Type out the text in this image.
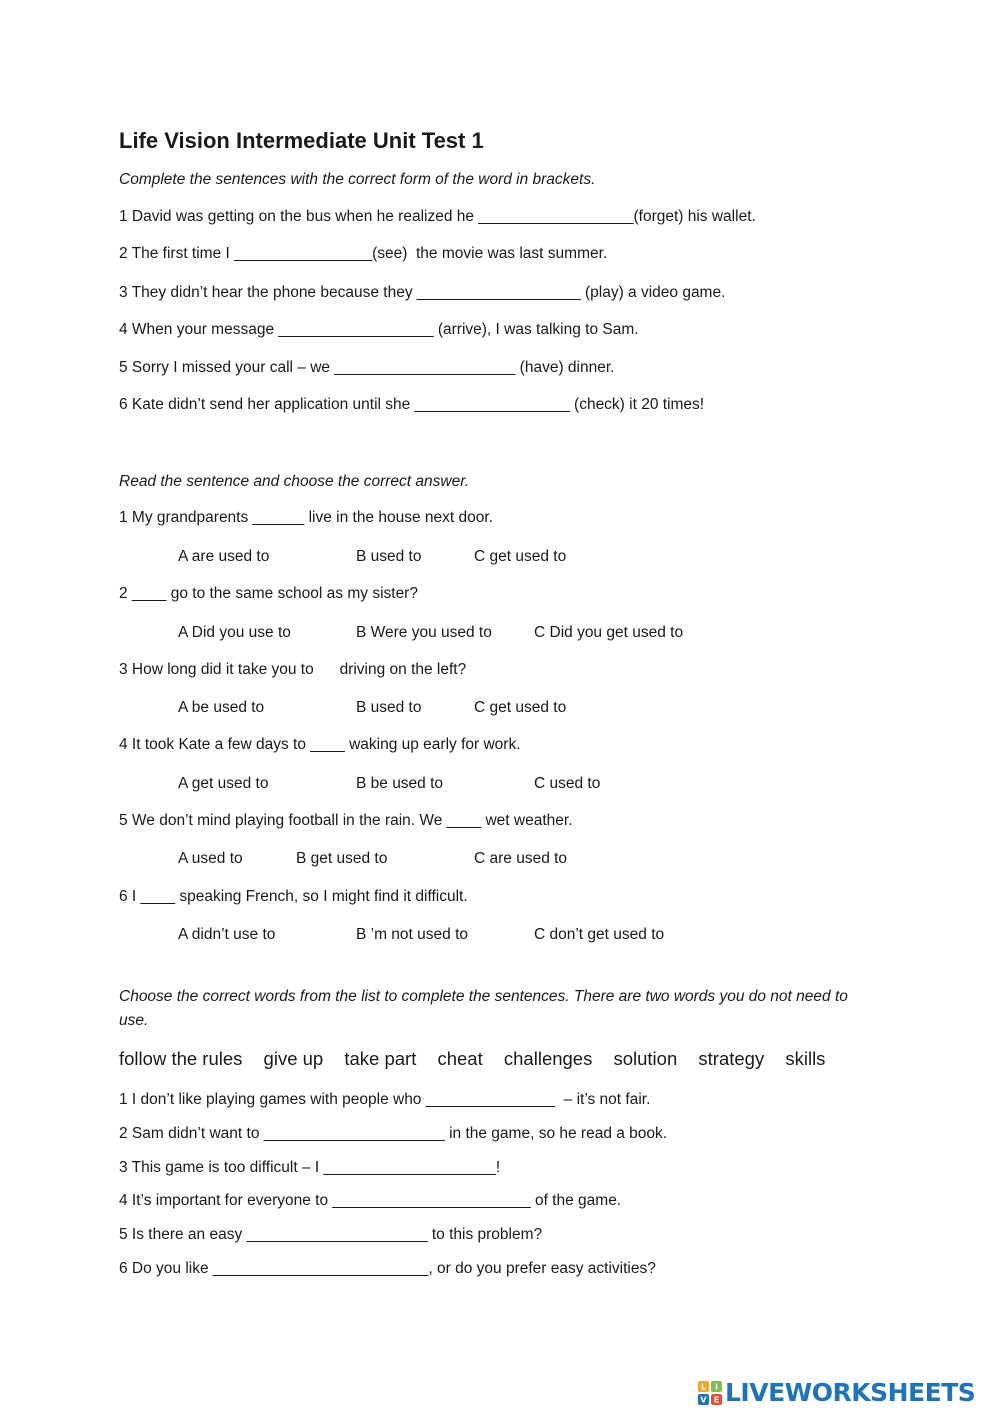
Life Vision Intermediate Unit Test 1

Complete the sentences with the correct form of the word in brackets.

1 David was getting on the bus when he realized he __________________(forget) his wallet.

2 The first time I ________________(see)  the movie was last summer.

3 They didn’t hear the phone because they ___________________ (play) a video game.

4 When your message __________________ (arrive), I was talking to Sam.

5 Sorry I missed your call – we _____________________ (have) dinner.

6 Kate didn’t send her application until she __________________ (check) it 20 times!

Read the sentence and choose the correct answer.

1 My grandparents ______ live in the house next door.

A are used to	B used to	C get used to

2 ____ go to the same school as my sister?

A Did you use to	B Were you used to	C Did you get used to

3 How long did it take you to      driving on the left?

A be used to	B used to	C get used to

4 It took Kate a few days to ____ waking up early for work.

A get used to	B be used to	C used to

5 We don’t mind playing football in the rain. We ____ wet weather.

A used to	B get used to	C are used to

6 I ____ speaking French, so I might find it difficult.

A didn’t use to	B ’m not used to	C don’t get used to

Choose the correct words from the list to complete the sentences. There are two words you do not need to use.

follow the rules give up take part cheat challenges solution strategy skills

1 I don’t like playing games with people who _______________  – it’s not fair.

2 Sam didn’t want to _____________________ in the game, so he read a book.

3 This game is too difficult – I ____________________!

4 It’s important for everyone to _______________________ of the game.

5 Is there an easy _____________________ to this problem?

6 Do you like _________________________, or do you prefer easy activities?

L I
V E LIVEWORKSHEETS
